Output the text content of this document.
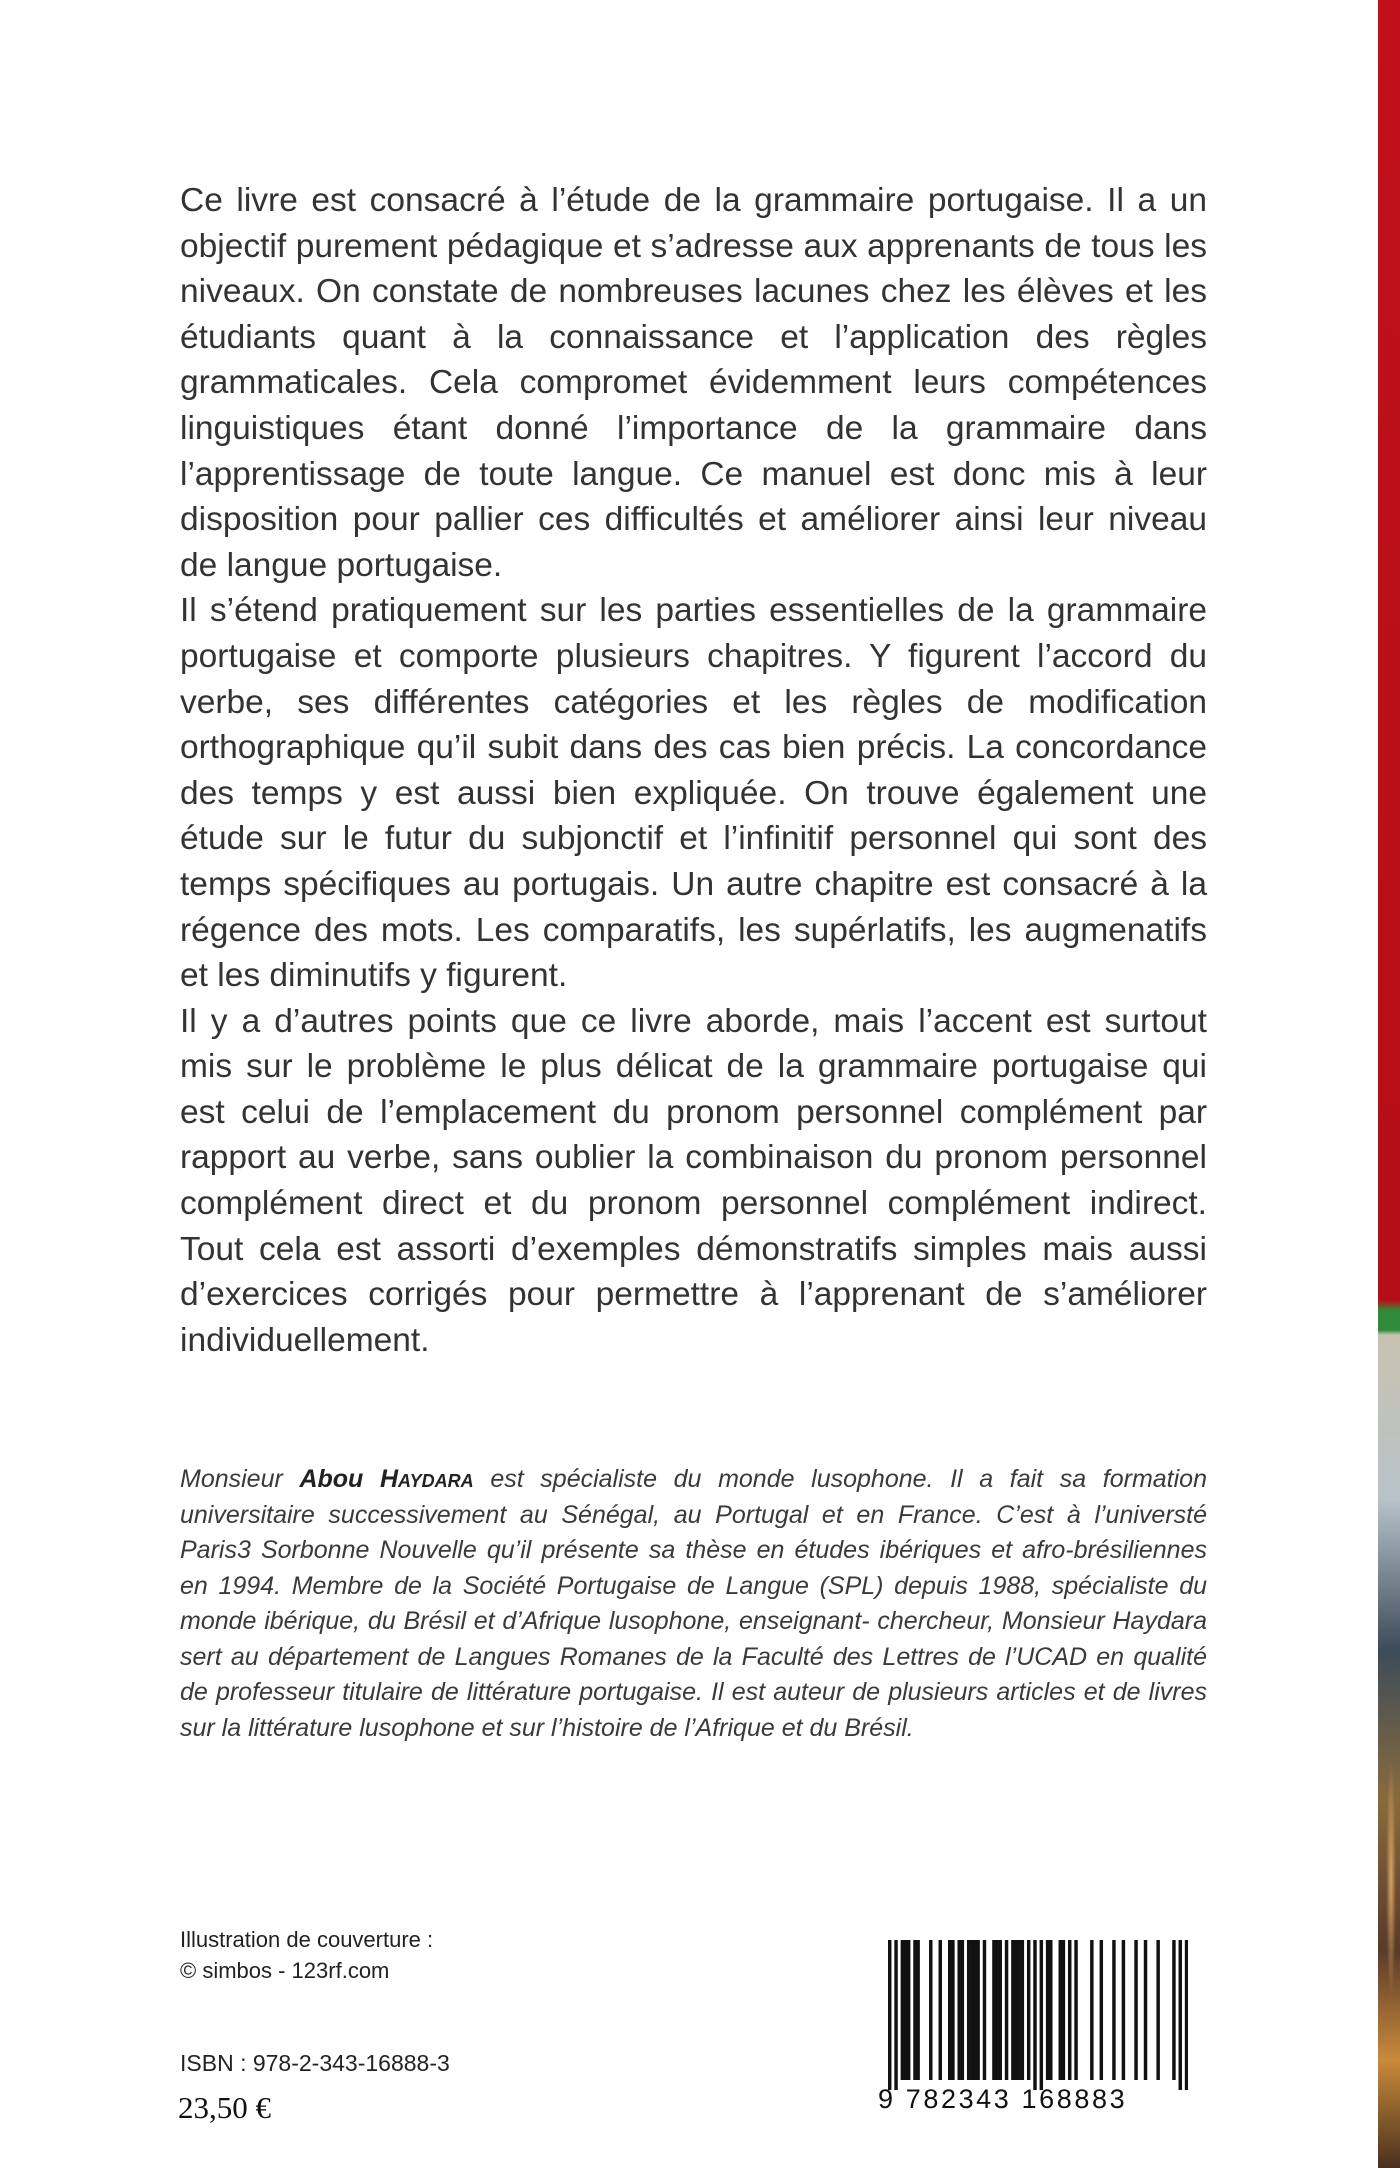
Ce livre est consacré à l’étude de la grammaire portugaise. Il a un objectif purement pédagique et s’adresse aux apprenants de tous les niveaux. On constate de nombreuses lacunes chez les élèves et les étudiants quant à la connaissance et l’application des règles grammaticales. Cela compromet évidemment leurs compétences linguistiques étant donné l’importance de la grammaire dans l’apprentissage de toute langue. Ce manuel est donc mis à leur disposition pour pallier ces difficultés et améliorer ainsi leur niveau de langue portugaise.

Il s’étend pratiquement sur les parties essentielles de la grammaire portugaise et comporte plusieurs chapitres. Y figurent l’accord du verbe, ses différentes catégories et les règles de modification orthographique qu’il subit dans des cas bien précis. La concordance des temps y est aussi bien expliquée. On trouve également une étude sur le futur du subjonctif et l’infinitif personnel qui sont des temps spécifiques au portugais. Un autre chapitre est consacré à la régence des mots. Les comparatifs, les supérlatifs, les augmenatifs et les diminutifs y figurent.

Il y a d’autres points que ce livre aborde, mais l’accent est surtout mis sur le problème le plus délicat de la grammaire portugaise qui est celui de l’emplacement du pronom personnel complément par rapport au verbe, sans oublier la combinaison du pronom personnel complément direct et du pronom personnel complément indirect. Tout cela est assorti d’exemples démonstratifs simples mais aussi d’exercices corrigés pour permettre à l’apprenant de s’améliorer individuellement.

Monsieur Abou Haydara est spécialiste du monde lusophone. Il a fait sa formation universitaire successivement au Sénégal, au Portugal et en France. C’est à l’universté Paris3 Sorbonne Nouvelle qu’il présente sa thèse en études ibériques et afro-brésiliennes en 1994. Membre de la Société Portugaise de Langue (SPL) depuis 1988, spécialiste du monde ibérique, du Brésil et d’Afrique lusophone, enseignant- chercheur, Monsieur Haydara sert au département de Langues Romanes de la Faculté des Lettres de l’UCAD en qualité de professeur titulaire de littérature portugaise. Il est auteur de plusieurs articles et de livres sur la littérature lusophone et sur l’histoire de l’Afrique et du Brésil.
Illustration de couverture :
© simbos - 123rf.com
ISBN : 978-2-343-16888-3
23,50 €	9 782343 168883
